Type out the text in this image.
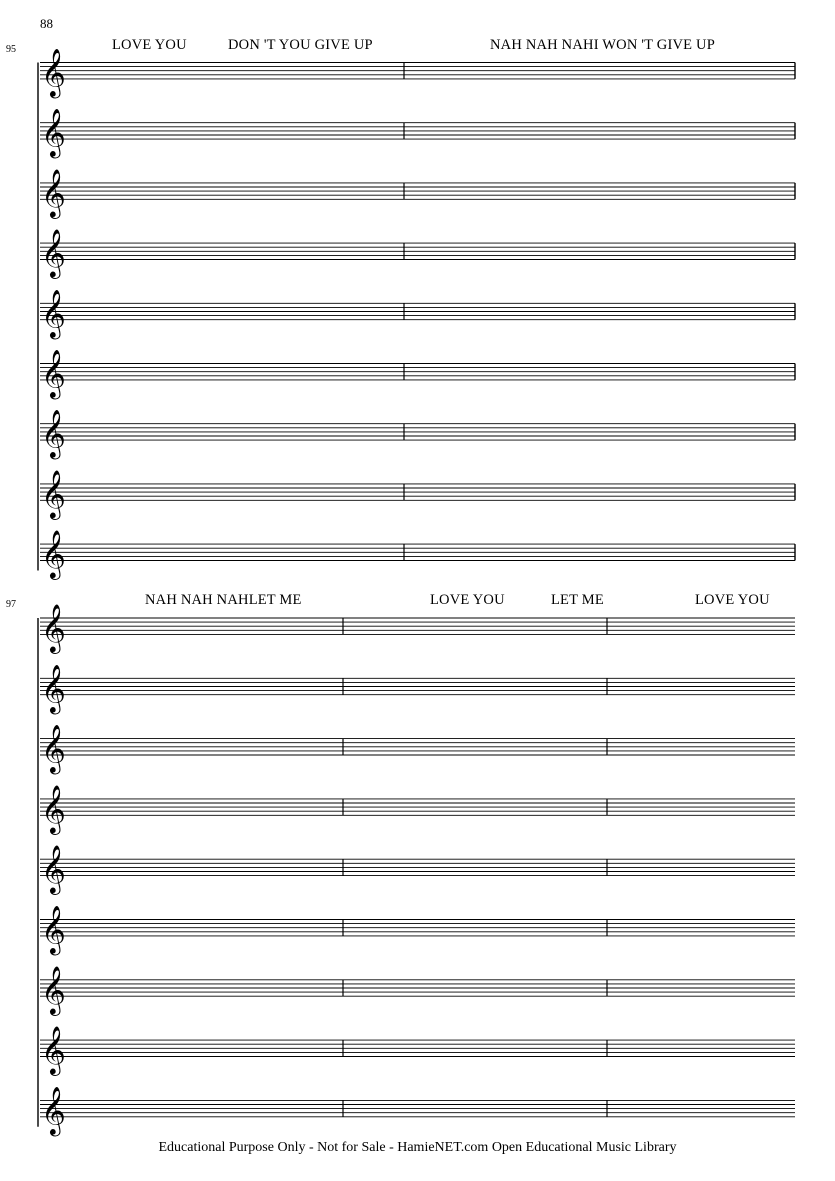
88
95	LOVE YOU	DON 'T YOU GIVE UP	NAH NAH NAHI WON 'T GIVE UP
𝄞
𝄞
𝄞
𝄞
𝄞
𝄞
𝄞
𝄞
𝄞
97	NAH NAH NAHLET ME	LOVE YOU	LET ME	LOVE YOU
𝄞
𝄞
𝄞
𝄞
𝄞
𝄞
𝄞
𝄞
𝄞
Educational Purpose Only - Not for Sale - HamieNET.com Open Educational Music Library
